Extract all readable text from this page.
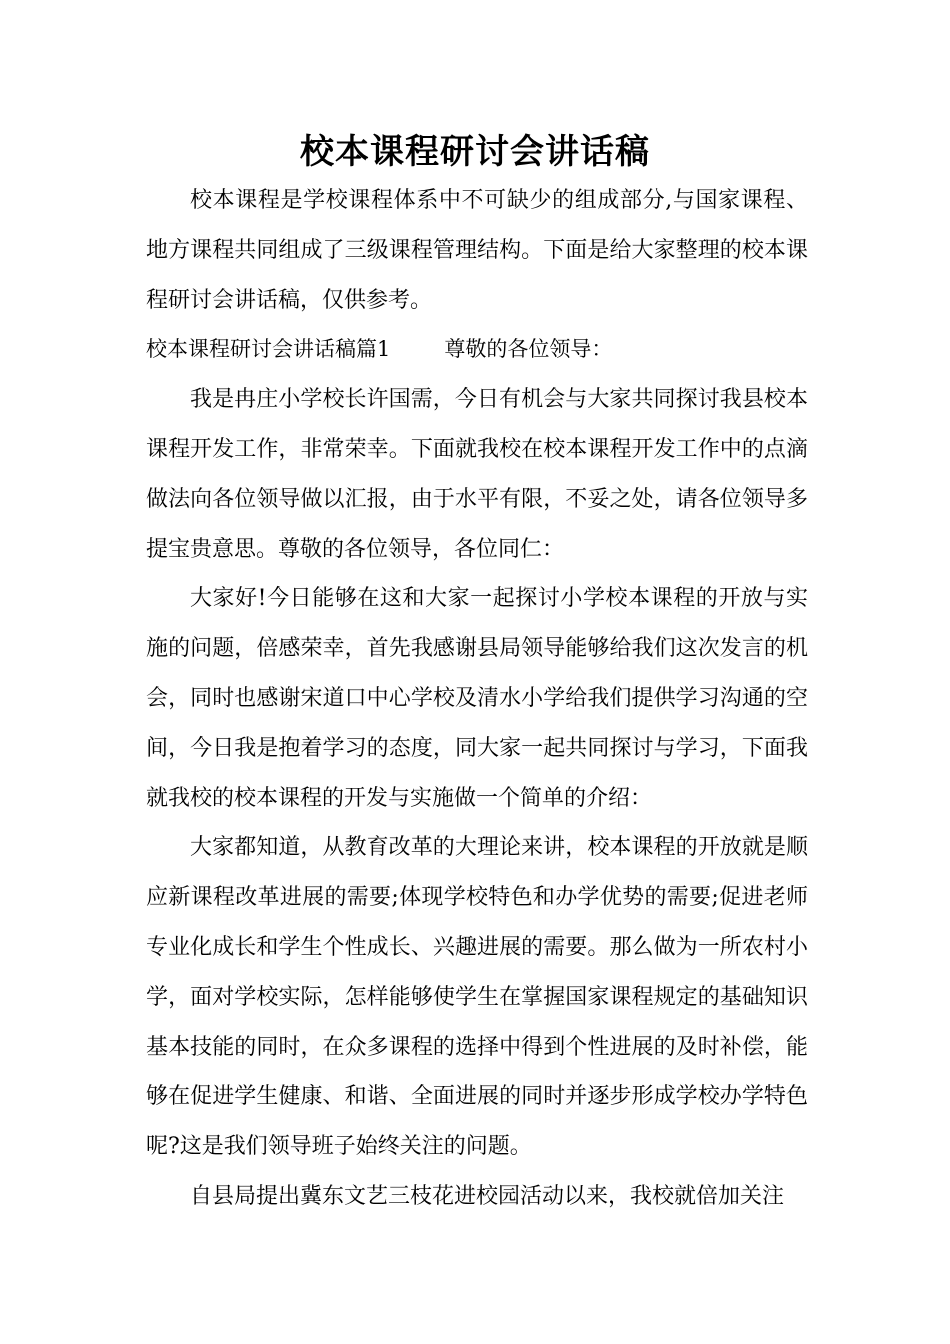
校本课程研讨会讲话稿

校本课程是学校课程体系中不可缺少的组成部分,与国家课程、地方课程共同组成了三级课程管理结构。下面是给大家整理的校本课程研讨会讲话稿，仅供参考。

校本课程研讨会讲话稿篇1	尊敬的各位领导：

我是冉庄小学校长许国需，今日有机会与大家共同探讨我县校本课程开发工作，非常荣幸。下面就我校在校本课程开发工作中的点滴做法向各位领导做以汇报，由于水平有限，不妥之处，请各位领导多提宝贵意思。尊敬的各位领导，各位同仁：

大家好!今日能够在这和大家一起探讨小学校本课程的开放与实施的问题，倍感荣幸，首先我感谢县局领导能够给我们这次发言的机会，同时也感谢宋道口中心学校及清水小学给我们提供学习沟通的空间，今日我是抱着学习的态度，同大家一起共同探讨与学习，下面我就我校的校本课程的开发与实施做一个简单的介绍：

大家都知道，从教育改革的大理论来讲，校本课程的开放就是顺应新课程改革进展的需要;体现学校特色和办学优势的需要;促进老师专业化成长和学生个性成长、兴趣进展的需要。那么做为一所农村小学，面对学校实际，怎样能够使学生在掌握国家课程规定的基础知识基本技能的同时，在众多课程的选择中得到个性进展的及时补偿，能够在促进学生健康、和谐、全面进展的同时并逐步形成学校办学特色呢?这是我们领导班子始终关注的问题。

自县局提出冀东文艺三枝花进校园活动以来，我校就倍加关注
